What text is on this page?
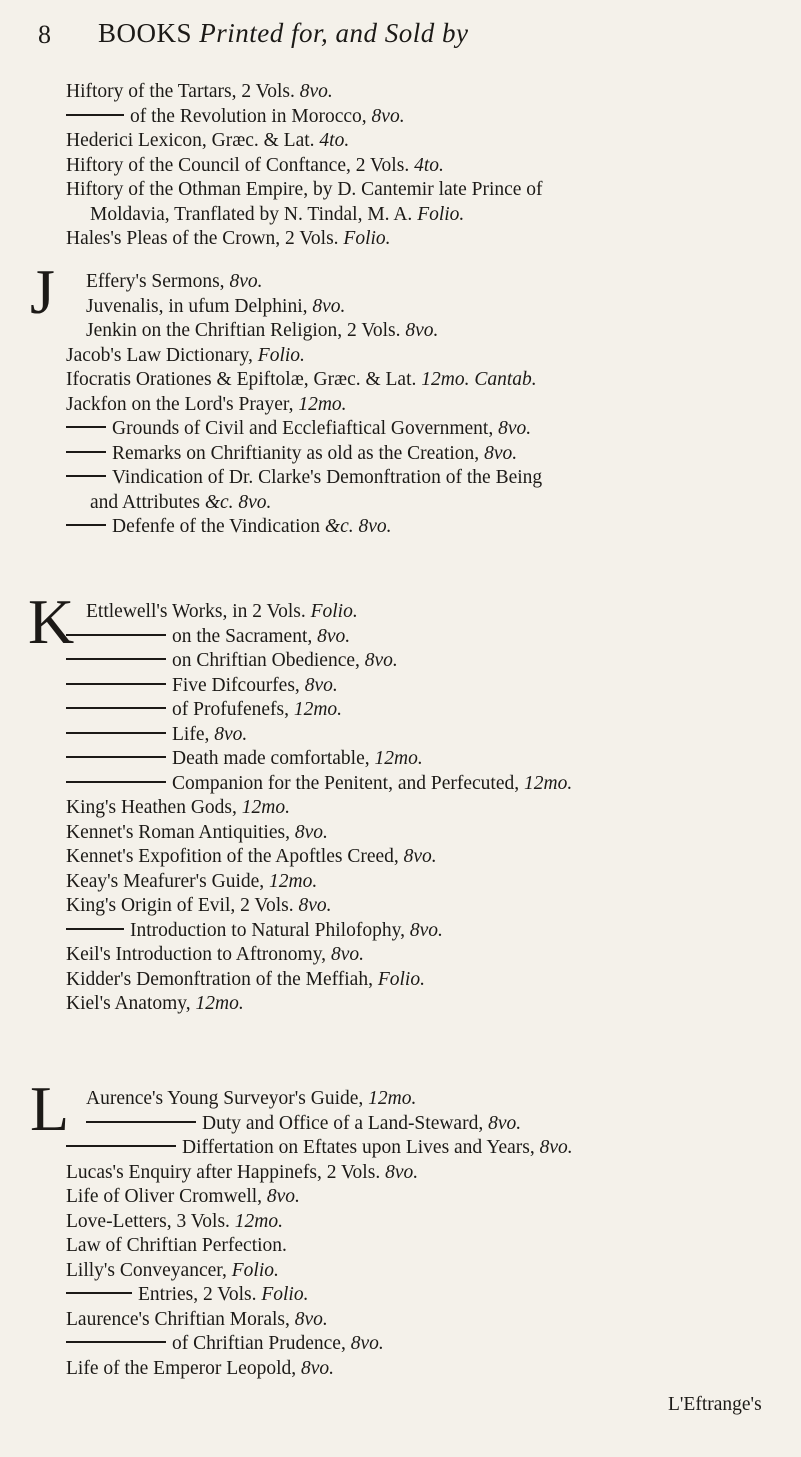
8 BOOKS Printed for, and Sold by
Hiftory of the Tartars, 2 Vols. 8vo.
of the Revolution in Morocco, 8vo.
Hederici Lexicon, Græc. & Lat. 4to.
Hiftory of the Council of Conftance, 2 Vols. 4to.
Hiftory of the Othman Empire, by D. Cantemir late Prince of
Moldavia, Tranflated by N. Tindal, M. A. Folio.
Hales's Pleas of the Crown, 2 Vols. Folio.
J Effery's Sermons, 8vo.
Juvenalis, in ufum Delphini, 8vo.
Jenkin on the Chriftian Religion, 2 Vols. 8vo.
Jacob's Law Dictionary, Folio.
Ifocratis Orationes & Epiftolæ, Græc. & Lat. 12mo. Cantab.
Jackfon on the Lord's Prayer, 12mo.
Grounds of Civil and Ecclefiaftical Government, 8vo.
Remarks on Chriftianity as old as the Creation, 8vo.
Vindication of Dr. Clarke's Demonftration of the Being
and Attributes &c. 8vo.
Defenfe of the Vindication &c. 8vo.
K Ettlewell's Works, in 2 Vols. Folio.
on the Sacrament, 8vo.
on Chriftian Obedience, 8vo.
Five Difcourfes, 8vo.
of Profufenefs, 12mo.
Life, 8vo.
Death made comfortable, 12mo.
Companion for the Penitent, and Perfecuted, 12mo.
King's Heathen Gods, 12mo.
Kennet's Roman Antiquities, 8vo.
Kennet's Expofition of the Apoftles Creed, 8vo.
Keay's Meafurer's Guide, 12mo.
King's Origin of Evil, 2 Vols. 8vo.
Introduction to Natural Philofophy, 8vo.
Keil's Introduction to Aftronomy, 8vo.
Kidder's Demonftration of the Meffiah, Folio.
Kiel's Anatomy, 12mo.
L Aurence's Young Surveyor's Guide, 12mo.
Duty and Office of a Land-Steward, 8vo.
Differtation on Eftates upon Lives and Years, 8vo.
Lucas's Enquiry after Happinefs, 2 Vols. 8vo.
Life of Oliver Cromwell, 8vo.
Love-Letters, 3 Vols. 12mo.
Law of Chriftian Perfection.
Lilly's Conveyancer, Folio.
Entries, 2 Vols. Folio.
Laurence's Chriftian Morals, 8vo.
of Chriftian Prudence, 8vo.
Life of the Emperor Leopold, 8vo.
L'Eftrange's
